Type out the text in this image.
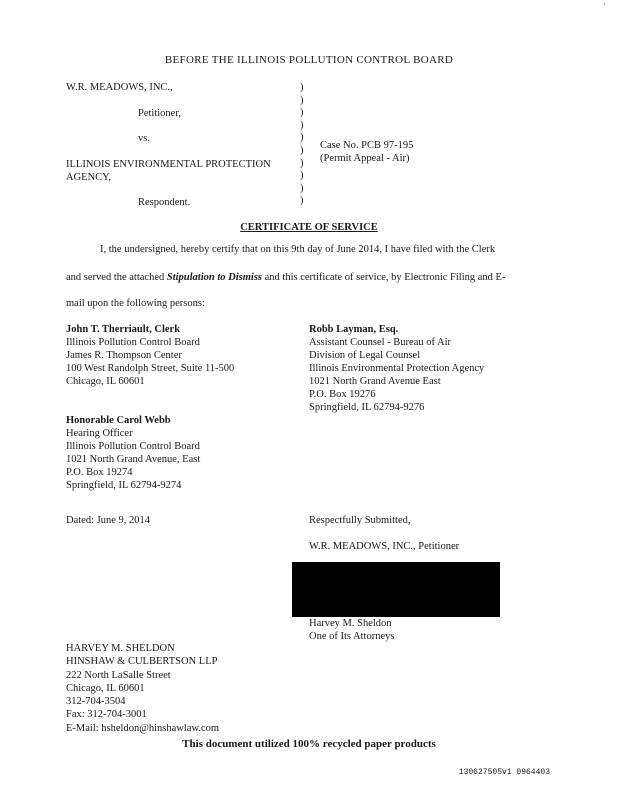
BEFORE THE ILLINOIS POLLUTION CONTROL BOARD
'
W.R. MEADOWS, INC.,
Petitioner,
vs.
ILLINOIS ENVIRONMENTAL PROTECTION
AGENCY,
Respondent.
)
)
)
)
)
)
)
)
)
)
Case No. PCB 97-195
(Permit Appeal - Air)
CERTIFICATE OF SERVICE
I, the undersigned, hereby certify that on this 9th day of June 2014, I have filed with the Clerk
and served the attached Stipulation to Dismiss and this certificate of service, by Electronic Filing and E-
mail upon the following persons:
John T. Therriault, Clerk
Illinois Pollution Control Board
James R. Thompson Center
100 West Randolph Street, Suite 11-500
Chicago, IL 60601
Robb Layman, Esq.
Assistant Counsel - Bureau of Air
Division of Legal Counsel
Illinois Environmental Protection Agency
1021 North Grand Avenue East
P.O. Box 19276
Springfield, IL 62794-9276
Honorable Carol Webb
Hearing Officer
Illinois Pollution Control Board
1021 North Grand Avenue, East
P.O. Box 19274
Springfield, IL 62794-9274
Dated: June 9, 2014	Respectfully Submitted,
W.R. MEADOWS, INC., Petitioner
Harvey M. Sheldon
One of Its Attorneys
HARVEY M. SHELDON
HINSHAW & CULBERTSON LLP
222 North LaSalle Street
Chicago, IL 60601
312-704-3504
Fax: 312-704-3001
E-Mail: hsheldon@hinshawlaw.com
This document utilized 100% recycled paper products
130627505v1 0964403
